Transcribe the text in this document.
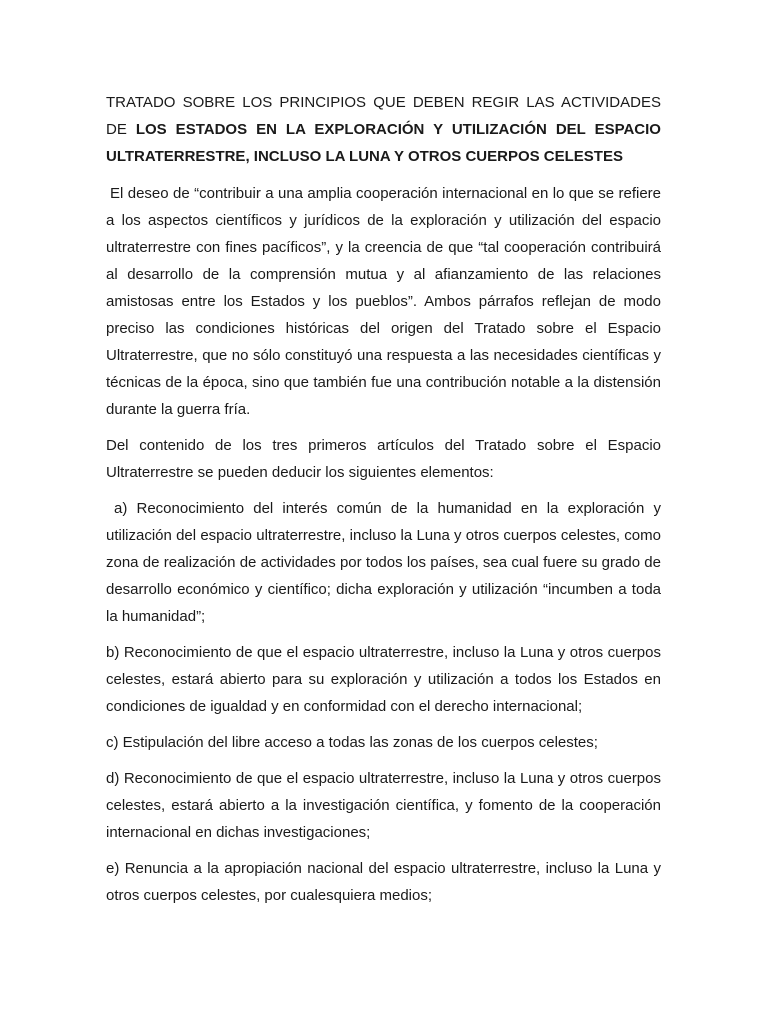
TRATADO SOBRE LOS PRINCIPIOS QUE DEBEN REGIR LAS ACTIVIDADES DE LOS ESTADOS EN LA EXPLORACIÓN Y UTILIZACIÓN DEL ESPACIO ULTRATERRESTRE, INCLUSO LA LUNA Y OTROS CUERPOS CELESTES

El deseo de “contribuir a una amplia cooperación internacional en lo que se refiere a los aspectos científicos y jurídicos de la exploración y utilización del espacio ultraterrestre con fines pacíficos”, y la creencia de que “tal cooperación contribuirá al desarrollo de la comprensión mutua y al afianzamiento de las relaciones amistosas entre los Estados y los pueblos”. Ambos párrafos reflejan de modo preciso las condiciones históricas del origen del Tratado sobre el Espacio Ultraterrestre, que no sólo constituyó una respuesta a las necesidades científicas y técnicas de la época, sino que también fue una contribución notable a la distensión durante la guerra fría.

Del contenido de los tres primeros artículos del Tratado sobre el Espacio Ultraterrestre se pueden deducir los siguientes elementos:

a) Reconocimiento del interés común de la humanidad en la exploración y utilización del espacio ultraterrestre, incluso la Luna y otros cuerpos celestes, como zona de realización de actividades por todos los países, sea cual fuere su grado de desarrollo económico y científico; dicha exploración y utilización “incumben a toda la humanidad”;

b) Reconocimiento de que el espacio ultraterrestre, incluso la Luna y otros cuerpos celestes, estará abierto para su exploración y utilización a todos los Estados en condiciones de igualdad y en conformidad con el derecho internacional;

c) Estipulación del libre acceso a todas las zonas de los cuerpos celestes;

d) Reconocimiento de que el espacio ultraterrestre, incluso la Luna y otros cuerpos celestes, estará abierto a la investigación científica, y fomento de la cooperación internacional en dichas investigaciones;

e) Renuncia a la apropiación nacional del espacio ultraterrestre, incluso la Luna y otros cuerpos celestes, por cualesquiera medios;
